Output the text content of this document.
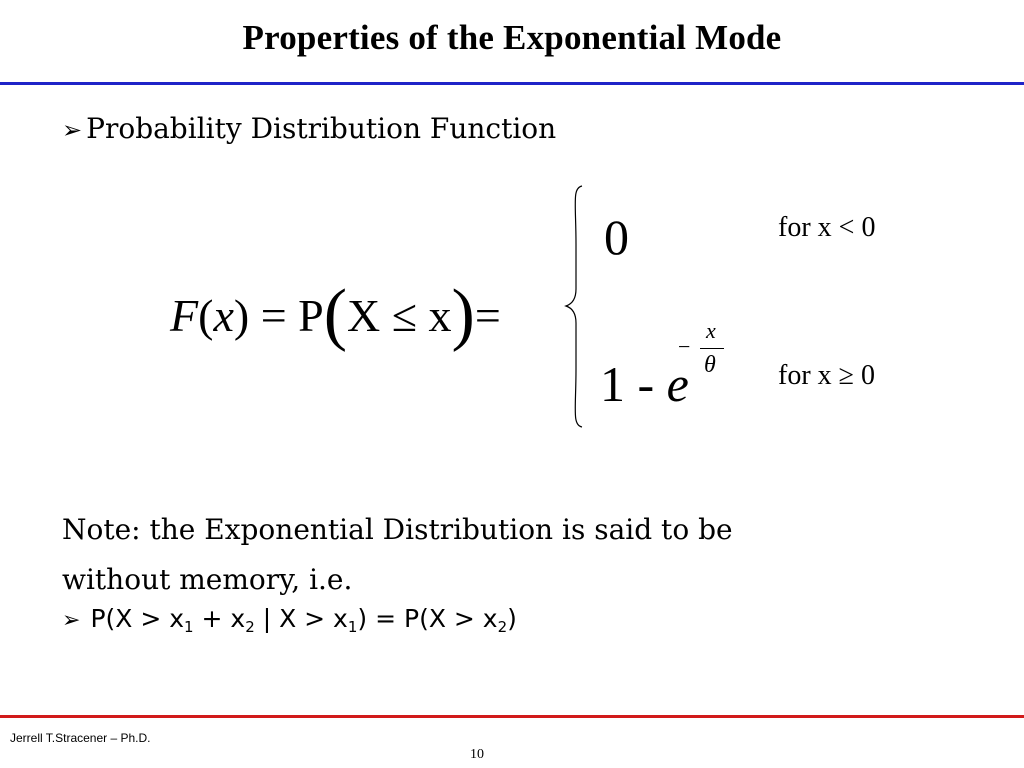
Properties of the Exponential Mode
➢ Probability Distribution Function
F(x) = P(X ≤ x)=
0	for x < 0
1 - e
−
x
θ for x ≥ 0
Note: the Exponential Distribution is said to be
without memory, i.e.
➢ $P(X > x_1 + x_2$ | $X > x_1) = P(X > x_2)$
Jerrell T.Stracener – Ph.D.
10
